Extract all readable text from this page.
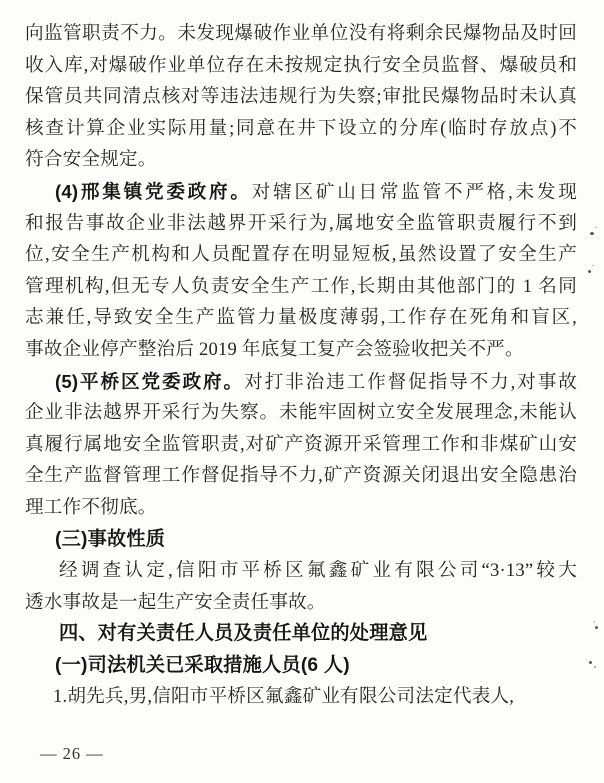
向监管职责不力。未发现爆破作业单位没有将剩余民爆物品及时回
收入库,对爆破作业单位存在未按规定执行安全员监督、爆破员和
保管员共同清点核对等违法违规行为失察;审批民爆物品时未认真
核查计算企业实际用量;同意在井下设立的分库(临时存放点)不
符合安全规定。
(4)邢集镇党委政府。对辖区矿山日常监管不严格,未发现
和报告事故企业非法越界开采行为,属地安全监管职责履行不到
位,安全生产机构和人员配置存在明显短板,虽然设置了安全生产
管理机构,但无专人负责安全生产工作,长期由其他部门的 1 名同
志兼任,导致安全生产监管力量极度薄弱,工作存在死角和盲区,
事故企业停产整治后 2019 年底复工复产会签验收把关不严。
(5)平桥区党委政府。对打非治违工作督促指导不力,对事故
企业非法越界开采行为失察。未能牢固树立安全发展理念,未能认
真履行属地安全监管职责,对矿产资源开采管理工作和非煤矿山安
全生产监督管理工作督促指导不力,矿产资源关闭退出安全隐患治
理工作不彻底。
(三)事故性质
经调查认定,信阳市平桥区氟鑫矿业有限公司“3·13”较大
透水事故是一起生产安全责任事故。
四、对有关责任人员及责任单位的处理意见
(一)司法机关已采取措施人员(6 人)
1.胡先兵,男,信阳市平桥区氟鑫矿业有限公司法定代表人,
— 26 —
